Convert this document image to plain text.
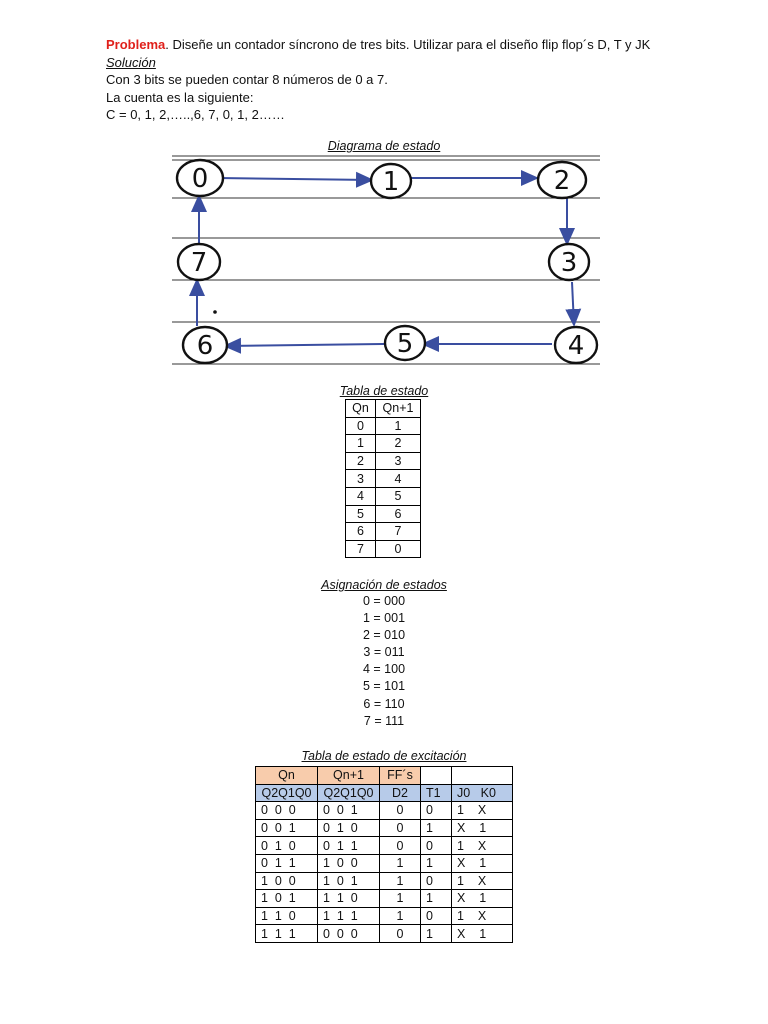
Problema. Diseñe un contador síncrono de tres bits. Utilizar para el diseño flip flop´s D, T y JK
Solución
Con 3 bits se pueden contar 8 números de 0 a 7.
La cuenta es la siguiente:
C = 0, 1, 2,…..,6, 7, 0, 1, 2……
Diagrama de estado
0	1	2
3
4
5
6
7
Tabla de estado
Qn	Qn+1
0	1
1	2
2	3
3	4
4	5
5	6
6	7
7	0
Asignación de estados
0 = 000
1 = 001
2 = 010
3 = 011
4 = 100
5 = 101
6 = 110
7 = 111
Tabla de estado de excitación
Qn	Qn+1	FF´s		
Q2Q1Q0	Q2Q1Q0	D2	T1	J0   K0
0  0  0	0  0  1	0	0	1    X
0  0  1	0  1  0	0	1	X    1
0  1  0	0  1  1	0	0	1    X
0  1  1	1  0  0	1	1	X    1
1  0  0	1  0  1	1	0	1    X
1  0  1	1  1  0	1	1	X    1
1  1  0	1  1  1	1	0	1    X
1  1  1	0  0  0	0	1	X    1
